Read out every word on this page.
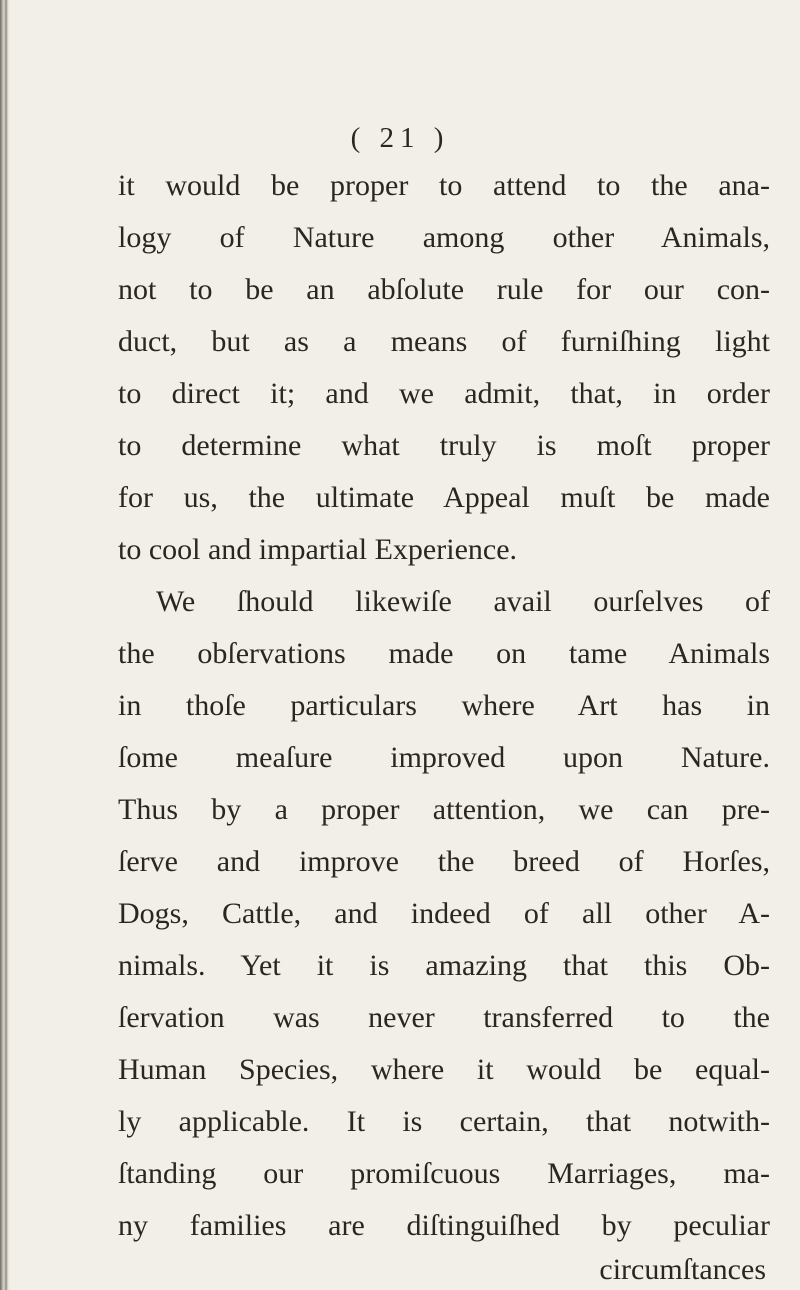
( 21 )
it would be proper to attend to the ana-
logy of Nature among other Animals,
not to be an abſolute rule for our con-
duct, but as a means of furniſhing light
to direct it; and we admit, that, in order
to determine what truly is moſt proper
for us, the ultimate Appeal muſt be made
to cool and impartial Experience.
We ſhould likewiſe avail ourſelves of
the obſervations made on tame Animals
in thoſe particulars where Art has in
ſome meaſure improved upon Nature.
Thus by a proper attention, we can pre-
ſerve and improve the breed of Horſes,
Dogs, Cattle, and indeed of all other A-
nimals. Yet it is amazing that this Ob-
ſervation was never transferred to the
Human Species, where it would be equal-
ly applicable. It is certain, that notwith-
ſtanding our promiſcuous Marriages, ma-
ny families are diſtinguiſhed by peculiar
circumſtances
